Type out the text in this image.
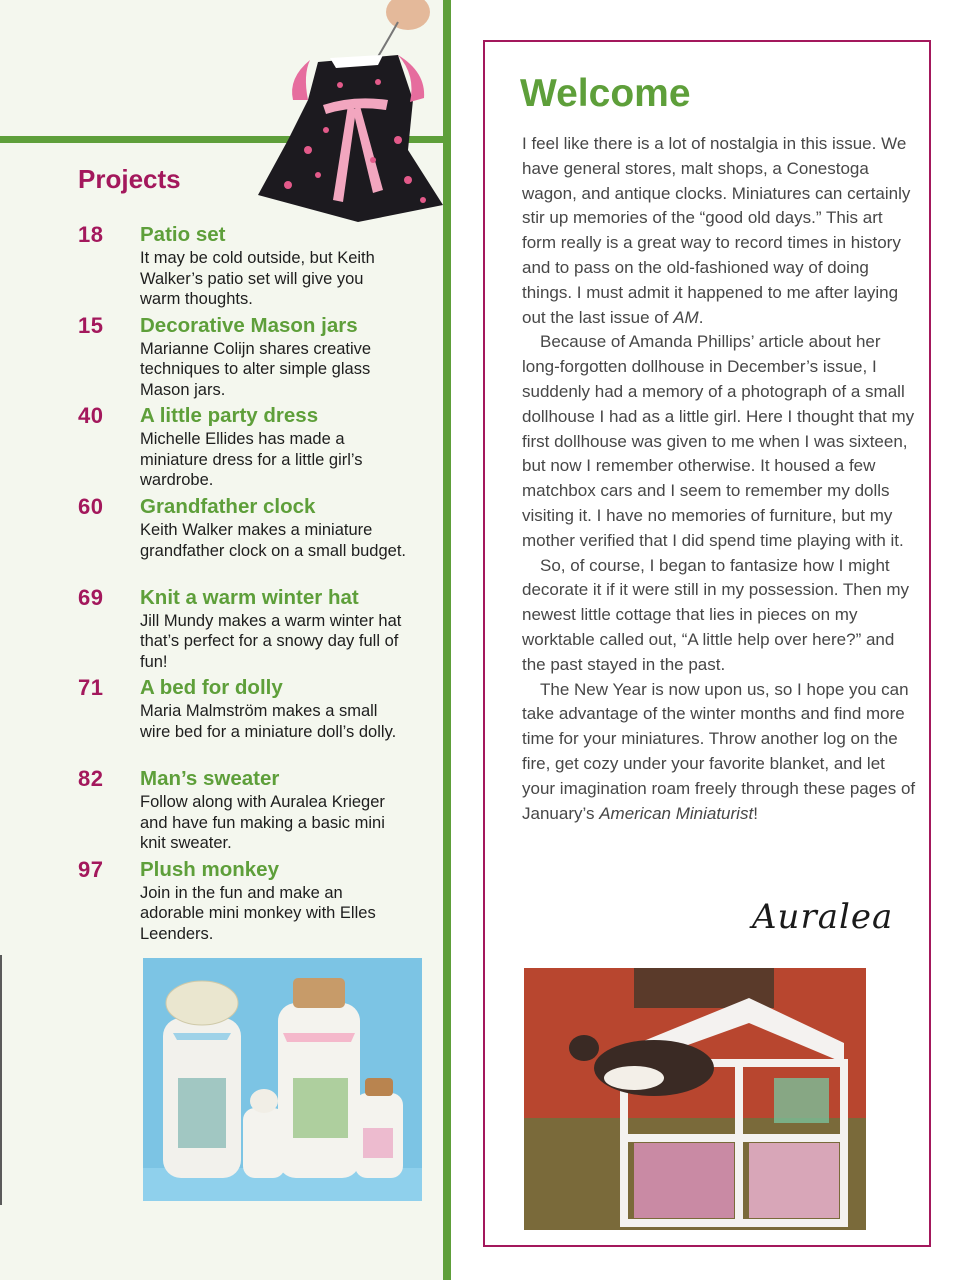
Projects
18	Patio set
It may be cold outside, but Keith Walker’s patio set will give you warm thoughts.
15	Decorative Mason jars
Marianne Colijn shares creative techniques to alter simple glass Mason jars.
40	A little party dress
Michelle Ellides has made a miniature dress for a little girl’s wardrobe.
60	Grandfather clock
Keith Walker makes a miniature grandfather clock on a small budget.
69	Knit a warm winter hat
Jill Mundy makes a warm winter hat that’s perfect for a snowy day full of fun!
71	A bed for dolly
Maria Malmström makes a small wire bed for a miniature doll’s dolly.
82	Man’s sweater
Follow along with Auralea Krieger and have fun making a basic mini knit sweater.
97	Plush monkey
Join in the fun and make an adorable mini monkey with Elles Leenders.
Welcome

I feel like there is a lot of nostalgia in this issue. We have general stores, malt shops, a Conestoga wagon, and antique clocks. Miniatures can certainly stir up memories of the “good old days.” This art form really is a great way to record times in history and to pass on the old-fashioned way of doing things. I must admit it happened to me after laying out the last issue of AM.

Because of Amanda Phillips’ article about her long-forgotten dollhouse in December’s issue, I suddenly had a memory of a photograph of a small dollhouse I had as a little girl. Here I thought that my first dollhouse was given to me when I was sixteen, but now I remember otherwise. It housed a few matchbox cars and I seem to remember my dolls visiting it. I have no memories of furniture, but my mother verified that I did spend time playing with it.

So, of course, I began to fantasize how I might decorate it if it were still in my possession. Then my newest little cottage that lies in pieces on my worktable called out, “A little help over here?” and the past stayed in the past.

The New Year is now upon us, so I hope you can take advantage of the winter months and find more time for your miniatures. Throw another log on the fire, get cozy under your favorite blanket, and let your imagination roam freely through these pages of January’s American Miniaturist!

Auralea
